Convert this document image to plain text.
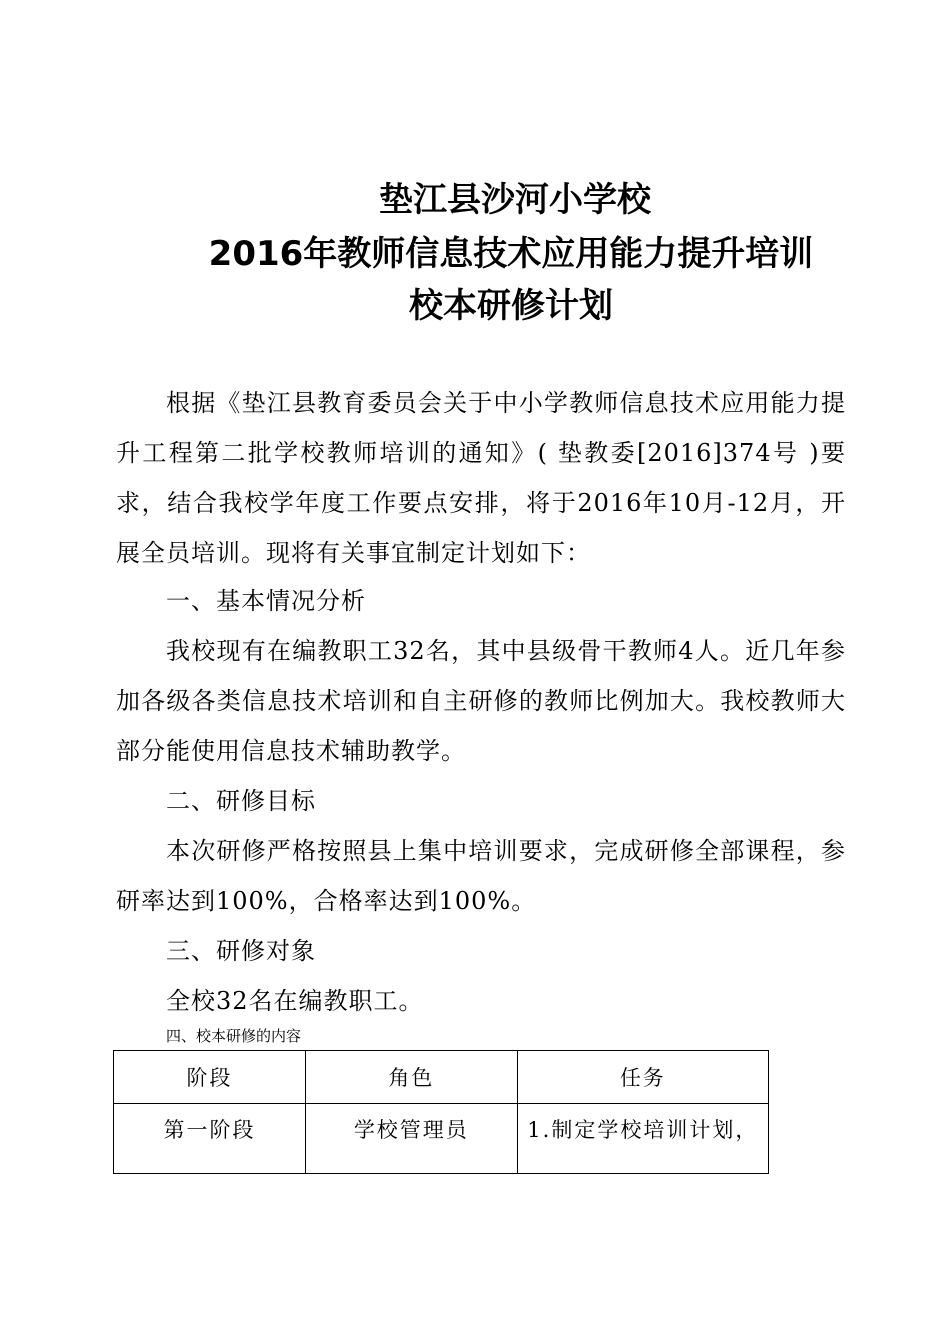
垫江县沙河小学校
2016年教师信息技术应用能力提升培训
校本研修计划

根据《垫江县教育委员会关于中小学教师信息技术应用能力提升工程第二批学校教师培训的通知》( 垫教委[2016]374号 )要求，结合我校学年度工作要点安排，将于2016年10月-12月，开展全员培训。现将有关事宜制定计划如下：

一、基本情况分析

我校现有在编教职工32名，其中县级骨干教师4人。近几年参加各级各类信息技术培训和自主研修的教师比例加大。我校教师大部分能使用信息技术辅助教学。

二、研修目标

本次研修严格按照县上集中培训要求，完成研修全部课程，参研率达到100%，合格率达到100%。

三、研修对象

全校32名在编教职工。

四、校本研修的内容
阶段	角色	任务
第一阶段	学校管理员	1.制定学校培训计划，
